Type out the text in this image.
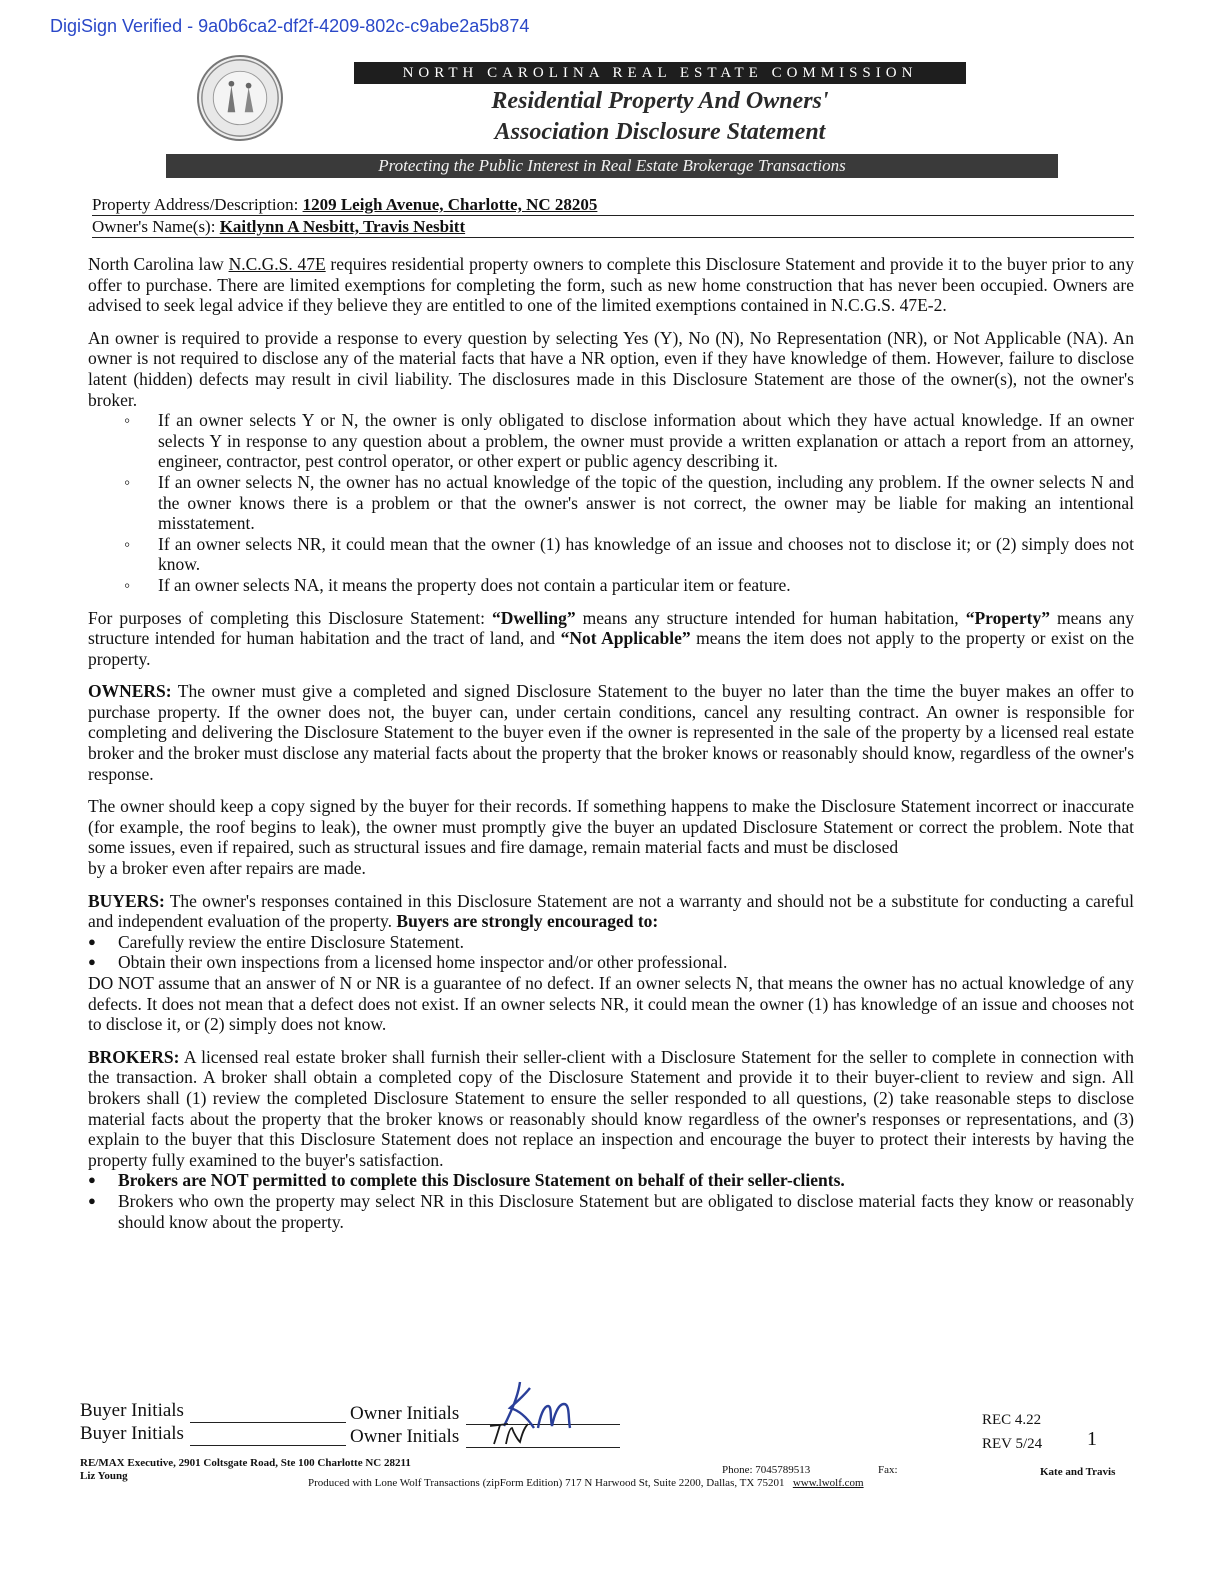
DigiSign Verified - 9a0b6ca2-df2f-4209-802c-c9abe2a5b874
NORTH CAROLINA REAL ESTATE COMMISSION
Residential Property And Owners'
Association Disclosure Statement
Protecting the Public Interest in Real Estate Brokerage Transactions
Property Address/Description: 1209 Leigh Avenue, Charlotte, NC 28205
Owner's Name(s): Kaitlynn A Nesbitt, Travis Nesbitt

North Carolina law N.C.G.S. 47E requires residential property owners to complete this Disclosure Statement and provide it to the buyer prior to any offer to purchase. There are limited exemptions for completing the form, such as new home construction that has never been occupied. Owners are advised to seek legal advice if they believe they are entitled to one of the limited exemptions contained in N.C.G.S. 47E-2.

An owner is required to provide a response to every question by selecting Yes (Y), No (N), No Representation (NR), or Not Applicable (NA). An owner is not required to disclose any of the material facts that have a NR option, even if they have knowledge of them. However, failure to disclose latent (hidden) defects may result in civil liability. The disclosures made in this Disclosure Statement are those of the owner(s), not the owner's broker.

◦ If an owner selects Y or N, the owner is only obligated to disclose information about which they have actual knowledge. If an owner selects Y in response to any question about a problem, the owner must provide a written explanation or attach a report from an attorney, engineer, contractor, pest control operator, or other expert or public agency describing it.
◦ If an owner selects N, the owner has no actual knowledge of the topic of the question, including any problem. If the owner selects N and the owner knows there is a problem or that the owner's answer is not correct, the owner may be liable for making an intentional misstatement.
◦ If an owner selects NR, it could mean that the owner (1) has knowledge of an issue and chooses not to disclose it; or (2) simply does not know.
◦ If an owner selects NA, it means the property does not contain a particular item or feature.

For purposes of completing this Disclosure Statement: “Dwelling” means any structure intended for human habitation, “Property” means any structure intended for human habitation and the tract of land, and “Not Applicable” means the item does not apply to the property or exist on the property.

OWNERS: The owner must give a completed and signed Disclosure Statement to the buyer no later than the time the buyer makes an offer to purchase property. If the owner does not, the buyer can, under certain conditions, cancel any resulting contract. An owner is responsible for completing and delivering the Disclosure Statement to the buyer even if the owner is represented in the sale of the property by a licensed real estate broker and the broker must disclose any material facts about the property that the broker knows or reasonably should know, regardless of the owner's response.

The owner should keep a copy signed by the buyer for their records. If something happens to make the Disclosure Statement incorrect or inaccurate (for example, the roof begins to leak), the owner must promptly give the buyer an updated Disclosure Statement or correct the problem. Note that some issues, even if repaired, such as structural issues and fire damage, remain material facts and must be disclosed
by a broker even after repairs are made.

BUYERS: The owner's responses contained in this Disclosure Statement are not a warranty and should not be a substitute for conducting a careful and independent evaluation of the property. Buyers are strongly encouraged to:

● Carefully review the entire Disclosure Statement.
● Obtain their own inspections from a licensed home inspector and/or other professional.

DO NOT assume that an answer of N or NR is a guarantee of no defect. If an owner selects N, that means the owner has no actual knowledge of any defects. It does not mean that a defect does not exist. If an owner selects NR, it could mean the owner (1) has knowledge of an issue and chooses not to disclose it, or (2) simply does not know.

BROKERS: A licensed real estate broker shall furnish their seller-client with a Disclosure Statement for the seller to complete in connection with the transaction. A broker shall obtain a completed copy of the Disclosure Statement and provide it to their buyer-client to review and sign. All brokers shall (1) review the completed Disclosure Statement to ensure the seller responded to all questions, (2) take reasonable steps to disclose material facts about the property that the broker knows or reasonably should know regardless of the owner's responses or representations, and (3) explain to the buyer that this Disclosure Statement does not replace an inspection and encourage the buyer to protect their interests by having the property fully examined to the buyer's satisfaction.

● Brokers are NOT permitted to complete this Disclosure Statement on behalf of their seller-clients.
● Brokers who own the property may select NR in this Disclosure Statement but are obligated to disclose material facts they know or reasonably should know about the property.
Buyer Initials
Buyer Initials
Owner Initials
Owner Initials
Kn
TN	REC 4.22
REV 5/24 1
RE/MAX Executive, 2901 Coltsgate Road, Ste 100 Charlotte NC 28211
Liz Young	Phone: 7045789513	Fax:
Produced with Lone Wolf Transactions (zipForm Edition) 717 N Harwood St, Suite 2200, Dallas, TX 75201 www.lwolf.com
Kate and Travis
